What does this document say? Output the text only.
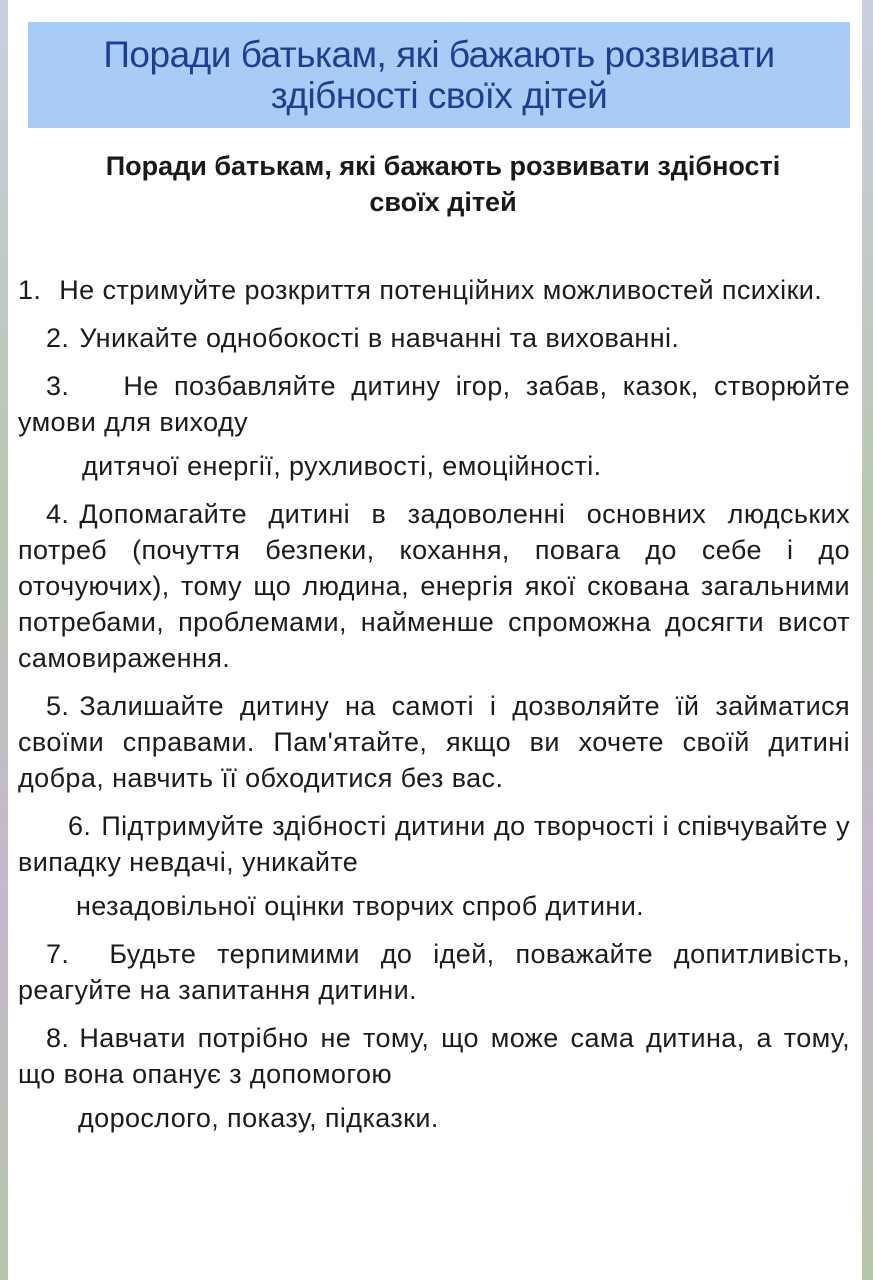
Поради батькам, які бажають розвивати здібності своїх дітей
Поради батькам, які бажають розвивати здібності своїх дітей

1. Не стримуйте розкриття потенційних можливостей психіки.

2. Уникайте однобокості в навчанні та вихованні.

3. Не позбавляйте дитину ігор, забав, казок, створюйте умови для виходу

дитячої енергії, рухливості, емоційності.

4. Допомагайте дитині в задоволенні основних людських потреб (почуття безпеки, кохання, повага до себе і до оточуючих), тому що людина, енергія якої скована загальними потребами, проблемами, найменше спроможна досягти висот самовираження.

5. Залишайте дитину на самоті і дозволяйте їй займатися своїми справами. Пам'ятайте, якщо ви хочете своїй дитині добра, навчить її обходитися без вас.

6. Підтримуйте здібності дитини до творчості і співчувайте у випадку невдачі, уникайте

незадовільної оцінки творчих спроб дитини.

7. Будьте терпимими до ідей, поважайте допитливість, реагуйте на запитання дитини.

8. Навчати потрібно не тому, що може сама дитина, а тому, що вона опанує з допомогою

дорослого, показу, підказки.
